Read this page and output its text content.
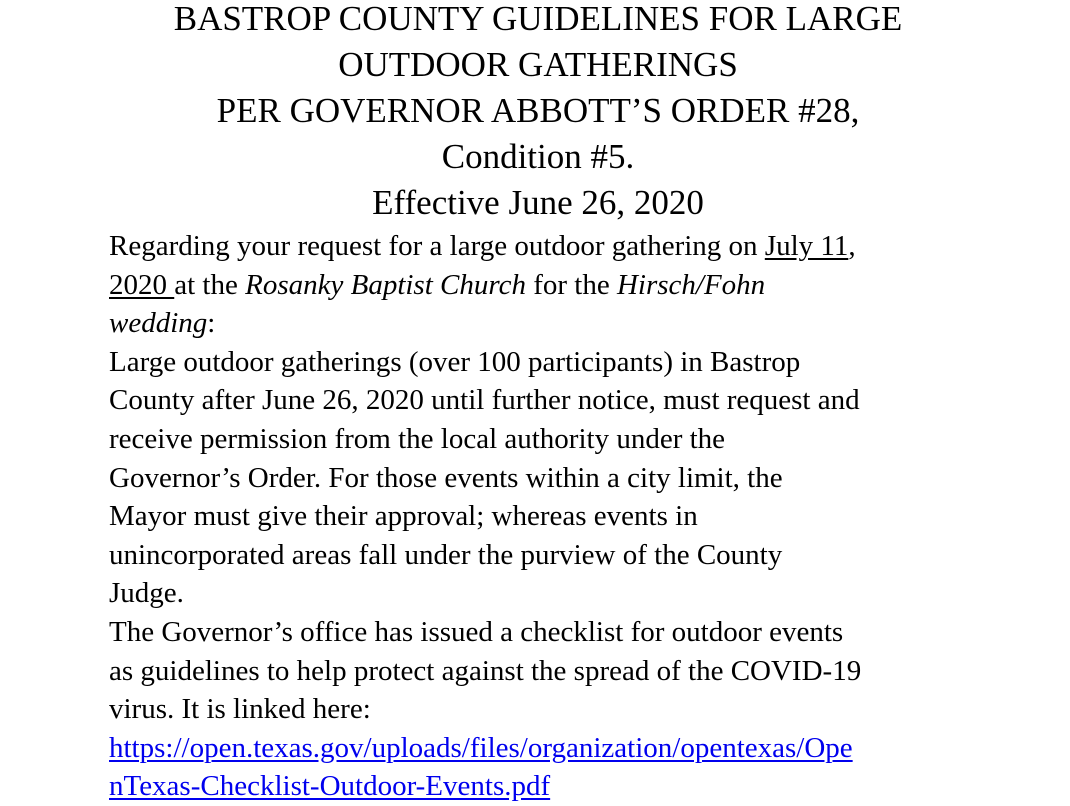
BASTROP COUNTY GUIDELINES FOR LARGE
OUTDOOR GATHERINGS
PER GOVERNOR ABBOTT’S ORDER #28,
Condition #5.
Effective June 26, 2020
Regarding your request for a large outdoor gathering on July 11,
2020 at the Rosanky Baptist Church for the Hirsch/Fohn
wedding:
Large outdoor gatherings (over 100 participants) in Bastrop
County after June 26, 2020 until further notice, must request and
receive permission from the local authority under the
Governor’s Order. For those events within a city limit, the
Mayor must give their approval; whereas events in
unincorporated areas fall under the purview of the County
Judge.
The Governor’s office has issued a checklist for outdoor events
as guidelines to help protect against the spread of the COVID-19
virus. It is linked here:
https://open.texas.gov/uploads/files/organization/opentexas/Ope
nTexas-Checklist-Outdoor-Events.pdf
